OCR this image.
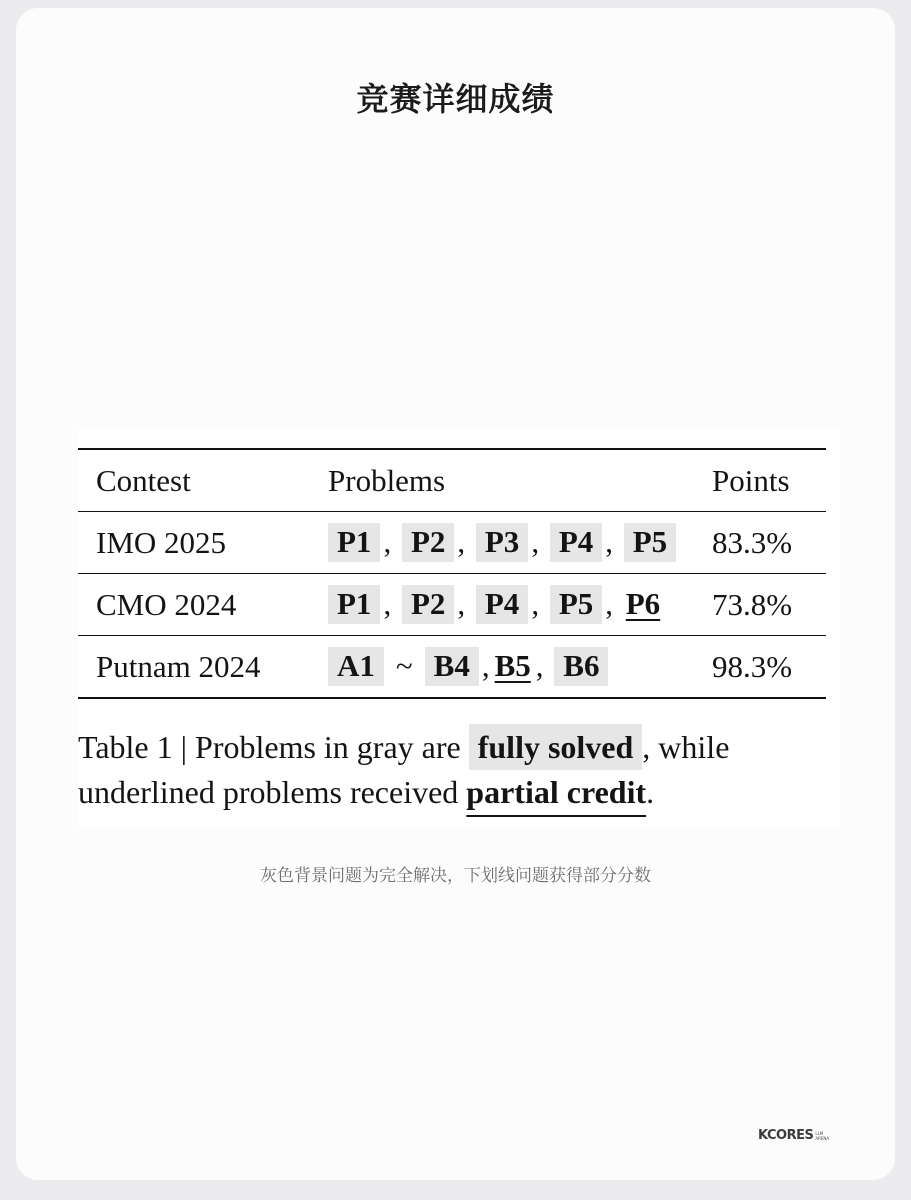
竞赛详细成绩
Contest	Problems	Points
IMO 2025	P1 , P2 , P3 , P4 , P5	83.3%
CMO 2024	P1 , P2 , P4 , P5 , P6	73.8%
Putnam 2024	A1 ~ B4 , B5 , B6	98.3%
Table 1 | Problems in gray are fully solved , while underlined problems received partial credit.
灰色背景问题为完全解决，下划线问题获得部分分数
KCORES LLM
ARENA
